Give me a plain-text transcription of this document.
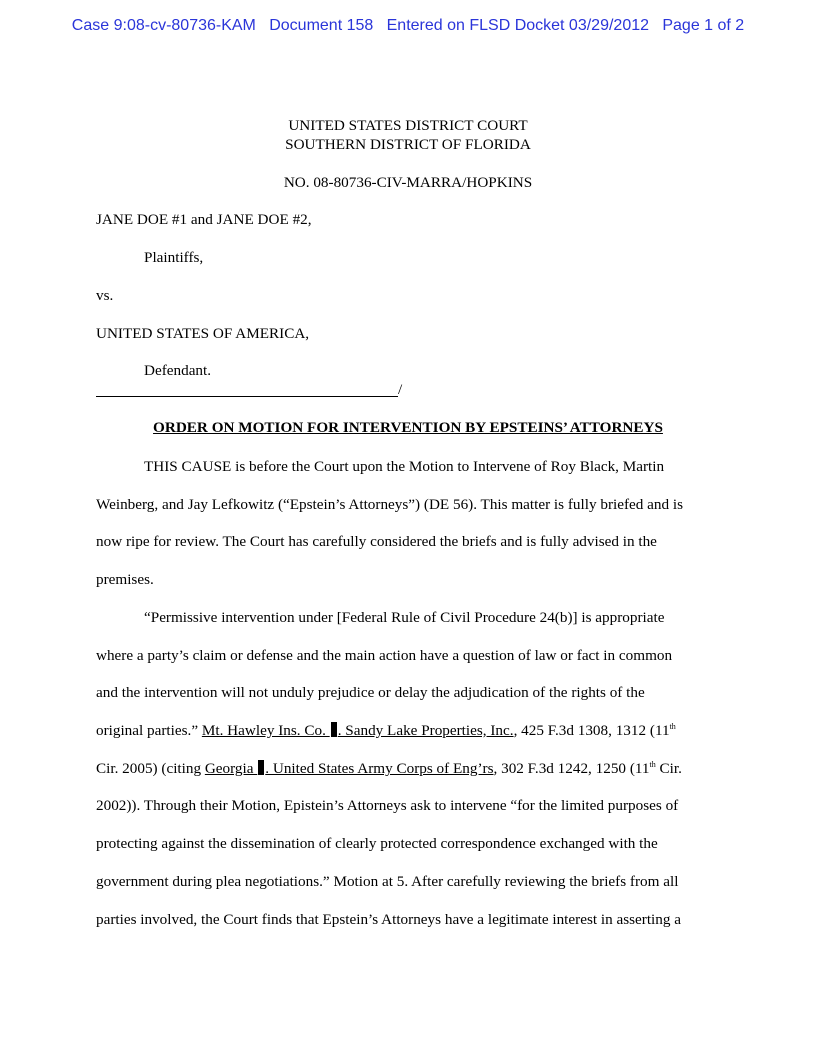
Case 9:08-cv-80736-KAM   Document 158   Entered on FLSD Docket 03/29/2012   Page 1 of 2
UNITED STATES DISTRICT COURT
SOUTHERN DISTRICT OF FLORIDA
NO. 08-80736-CIV-MARRA/HOPKINS
JANE DOE #1 and JANE DOE #2,
Plaintiffs,
vs.
UNITED STATES OF AMERICA,
Defendant.
/
ORDER ON MOTION FOR INTERVENTION BY EPSTEINS’ ATTORNEYS
THIS CAUSE is before the Court upon the Motion to Intervene of Roy Black, Martin
Weinberg, and Jay Lefkowitz (“Epstein’s Attorneys”) (DE 56). This matter is fully briefed and is
now ripe for review. The Court has carefully considered the briefs and is fully advised in the
premises.
“Permissive intervention under [Federal Rule of Civil Procedure 24(b)] is appropriate
where a party’s claim or defense and the main action have a question of law or fact in common
and the intervention will not unduly prejudice or delay the adjudication of the rights of the
original parties.” Mt. Hawley Ins. Co. . Sandy Lake Properties, Inc., 425 F.3d 1308, 1312 (11th
Cir. 2005) (citing Georgia . United States Army Corps of Eng’rs, 302 F.3d 1242, 1250 (11th Cir.
2002)). Through their Motion, Epistein’s Attorneys ask to intervene “for the limited purposes of
protecting against the dissemination of clearly protected correspondence exchanged with the
government during plea negotiations.” Motion at 5. After carefully reviewing the briefs from all
parties involved, the Court finds that Epstein’s Attorneys have a legitimate interest in asserting a
